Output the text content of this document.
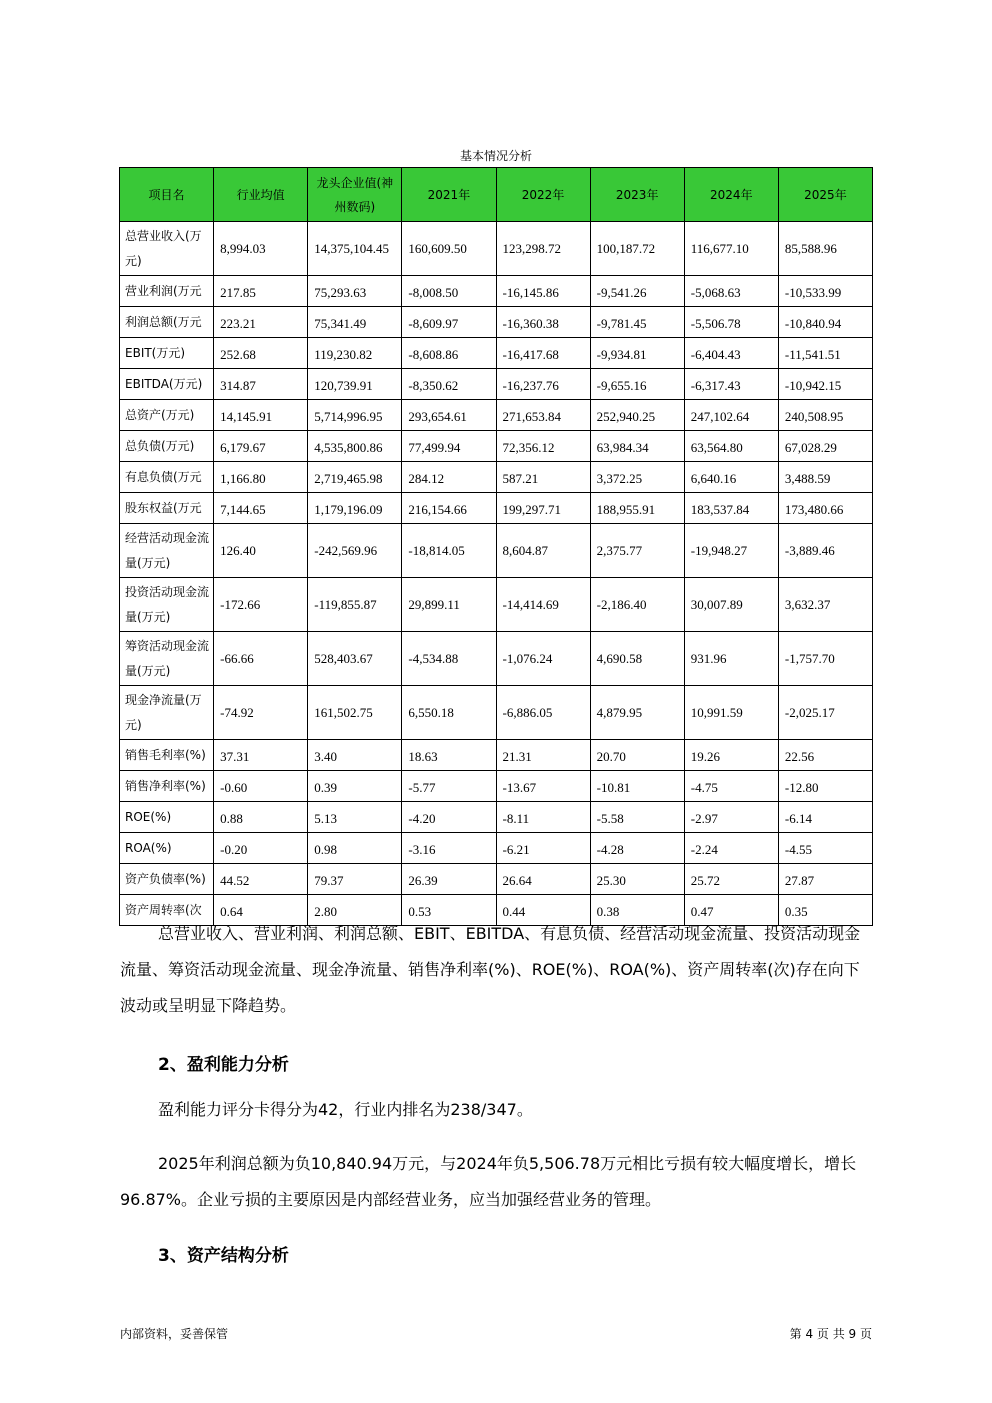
基本情况分析
项目名	行业均值	龙头企业值(神州数码)	2021年	2022年	2023年	2024年	2025年
总营业收入(万元)	8,994.03	14,375,104.45	160,609.50	123,298.72	100,187.72	116,677.10	85,588.96
营业利润(万元	217.85	75,293.63	-8,008.50	-16,145.86	-9,541.26	-5,068.63	-10,533.99
利润总额(万元	223.21	75,341.49	-8,609.97	-16,360.38	-9,781.45	-5,506.78	-10,840.94
EBIT(万元)	252.68	119,230.82	-8,608.86	-16,417.68	-9,934.81	-6,404.43	-11,541.51
EBITDA(万元)	314.87	120,739.91	-8,350.62	-16,237.76	-9,655.16	-6,317.43	-10,942.15
总资产(万元)	14,145.91	5,714,996.95	293,654.61	271,653.84	252,940.25	247,102.64	240,508.95
总负债(万元)	6,179.67	4,535,800.86	77,499.94	72,356.12	63,984.34	63,564.80	67,028.29
有息负债(万元	1,166.80	2,719,465.98	284.12	587.21	3,372.25	6,640.16	3,488.59
股东权益(万元	7,144.65	1,179,196.09	216,154.66	199,297.71	188,955.91	183,537.84	173,480.66
经营活动现金流量(万元)	126.40	-242,569.96	-18,814.05	8,604.87	2,375.77	-19,948.27	-3,889.46
投资活动现金流量(万元)	-172.66	-119,855.87	29,899.11	-14,414.69	-2,186.40	30,007.89	3,632.37
筹资活动现金流量(万元)	-66.66	528,403.67	-4,534.88	-1,076.24	4,690.58	931.96	-1,757.70
现金净流量(万元)	-74.92	161,502.75	6,550.18	-6,886.05	4,879.95	10,991.59	-2,025.17
销售毛利率(%)	37.31	3.40	18.63	21.31	20.70	19.26	22.56
销售净利率(%)	-0.60	0.39	-5.77	-13.67	-10.81	-4.75	-12.80
ROE(%)	0.88	5.13	-4.20	-8.11	-5.58	-2.97	-6.14
ROA(%)	-0.20	0.98	-3.16	-6.21	-4.28	-2.24	-4.55
资产负债率(%)	44.52	79.37	26.39	26.64	25.30	25.72	27.87
资产周转率(次	0.64	2.80	0.53	0.44	0.38	0.47	0.35
总营业收入、营业利润、利润总额、EBIT、EBITDA、有息负债、经营活动现金流量、投资活动现金流量、筹资活动现金流量、现金净流量、销售净利率(%)、ROE(%)、ROA(%)、资产周转率(次)存在向下波动或呈明显下降趋势。
2、盈利能力分析
盈利能力评分卡得分为42，行业内排名为238/347。
2025年利润总额为负10,840.94万元，与2024年负5,506.78万元相比亏损有较大幅度增长，增长96.87%。企业亏损的主要原因是内部经营业务，应当加强经营业务的管理。
3、资产结构分析
内部资料，妥善保管	第 4 页 共 9 页
